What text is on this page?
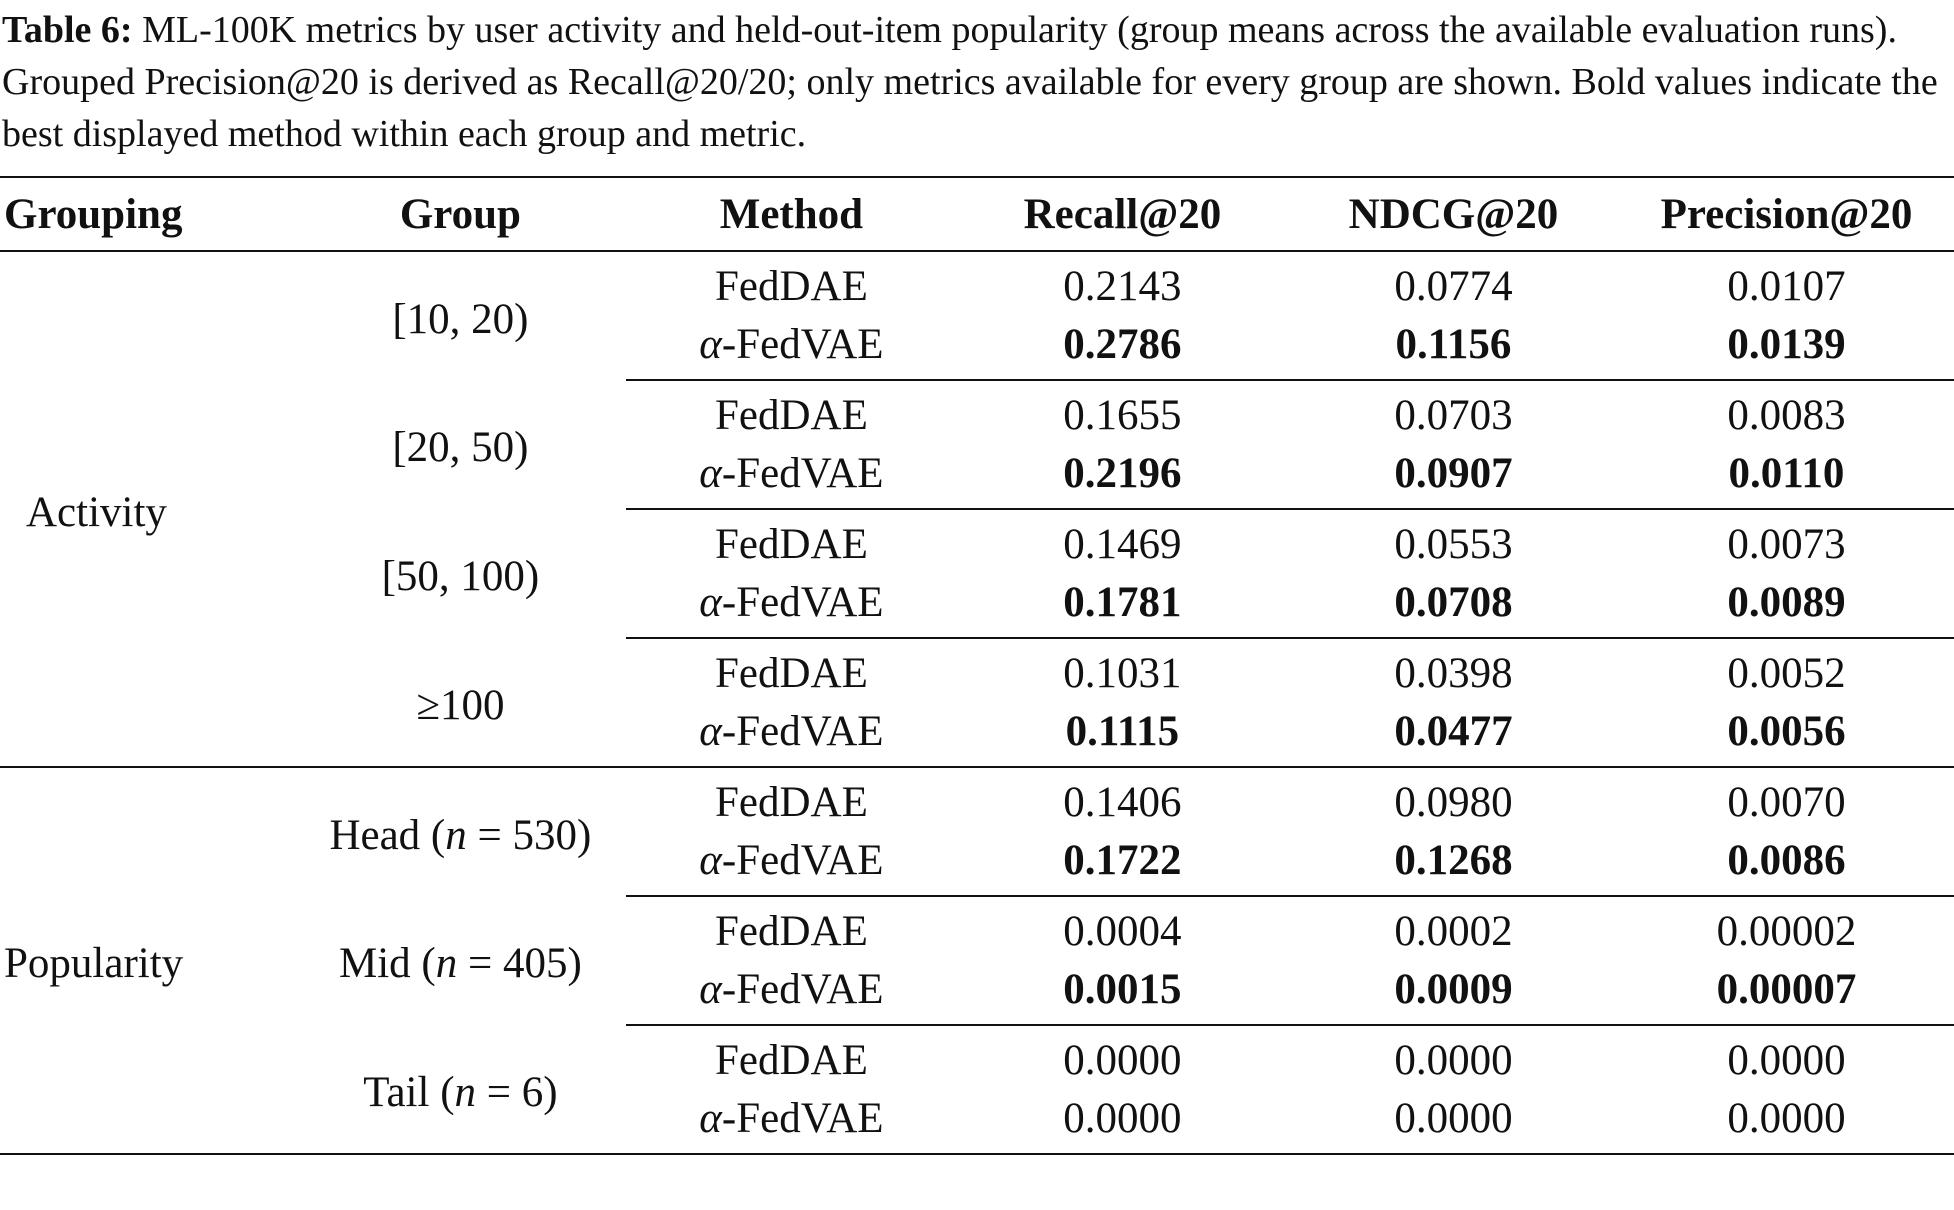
Table 6: ML-100K metrics by user activity and held-out-item popularity (group means across the available evaluation runs). Grouped Precision@20 is derived as Recall@20/20; only metrics available for every group are shown. Bold values indicate the best displayed method within each group and metric.
Grouping	Group	Method	Recall@20	NDCG@20	Precision@20
Activity	[10, 20)	FedDAE	0.2143	0.0774	0.0107
		α-FedVAE	0.2786	0.1156	0.0139
	[20, 50)	FedDAE	0.1655	0.0703	0.0083
		α-FedVAE	0.2196	0.0907	0.0110
	[50, 100)	FedDAE	0.1469	0.0553	0.0073
		α-FedVAE	0.1781	0.0708	0.0089
	≥100	FedDAE	0.1031	0.0398	0.0052
		α-FedVAE	0.1115	0.0477	0.0056
Popularity	Head (n = 530)	FedDAE	0.1406	0.0980	0.0070
		α-FedVAE	0.1722	0.1268	0.0086
	Mid (n = 405)	FedDAE	0.0004	0.0002	0.00002
		α-FedVAE	0.0015	0.0009	0.00007
	Tail (n = 6)	FedDAE	0.0000	0.0000	0.0000
		α-FedVAE	0.0000	0.0000	0.0000
